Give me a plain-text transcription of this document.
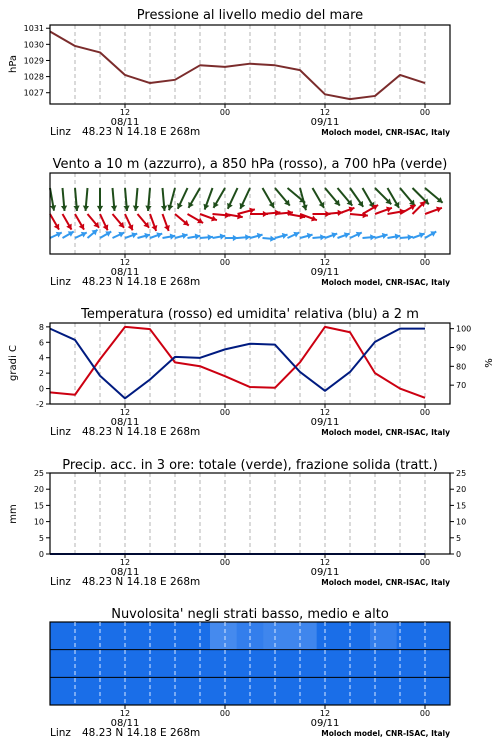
Pressione al livello medio del mare
Vento a 10 m (azzurro), a 850 hPa (rosso), a 700 hPa (verde)
Temperatura (rosso) ed umidita' relativa (blu) a 2 m
Precip. acc. in 3 ore: totale (verde), frazione solida (tratt.)
Nuvolosita' negli strati basso, medio e alto
hPa
gradi C	%
mm
12	00	12	00
08/11	09/11
Linz 48.23 N 14.18 E 268m	Moloch model, CNR-ISAC, Italy
12	00	12	00
08/11	09/11
Linz 48.23 N 14.18 E 268m	Moloch model, CNR-ISAC, Italy
12	00	12	00
08/11	09/11
Linz 48.23 N 14.18 E 268m	Moloch model, CNR-ISAC, Italy
12	00	12	00
08/11	09/11
Linz 48.23 N 14.18 E 268m	Moloch model, CNR-ISAC, Italy
12	00	12	00
08/11	09/11
Linz 48.23 N 14.18 E 268m	Moloch model, CNR-ISAC, Italy
1027
1028
1029
1030
1031
-2
0
2
4
6
8
70
80
90
100
0
5
10
15
20
25
0
5
10
15
20
25
